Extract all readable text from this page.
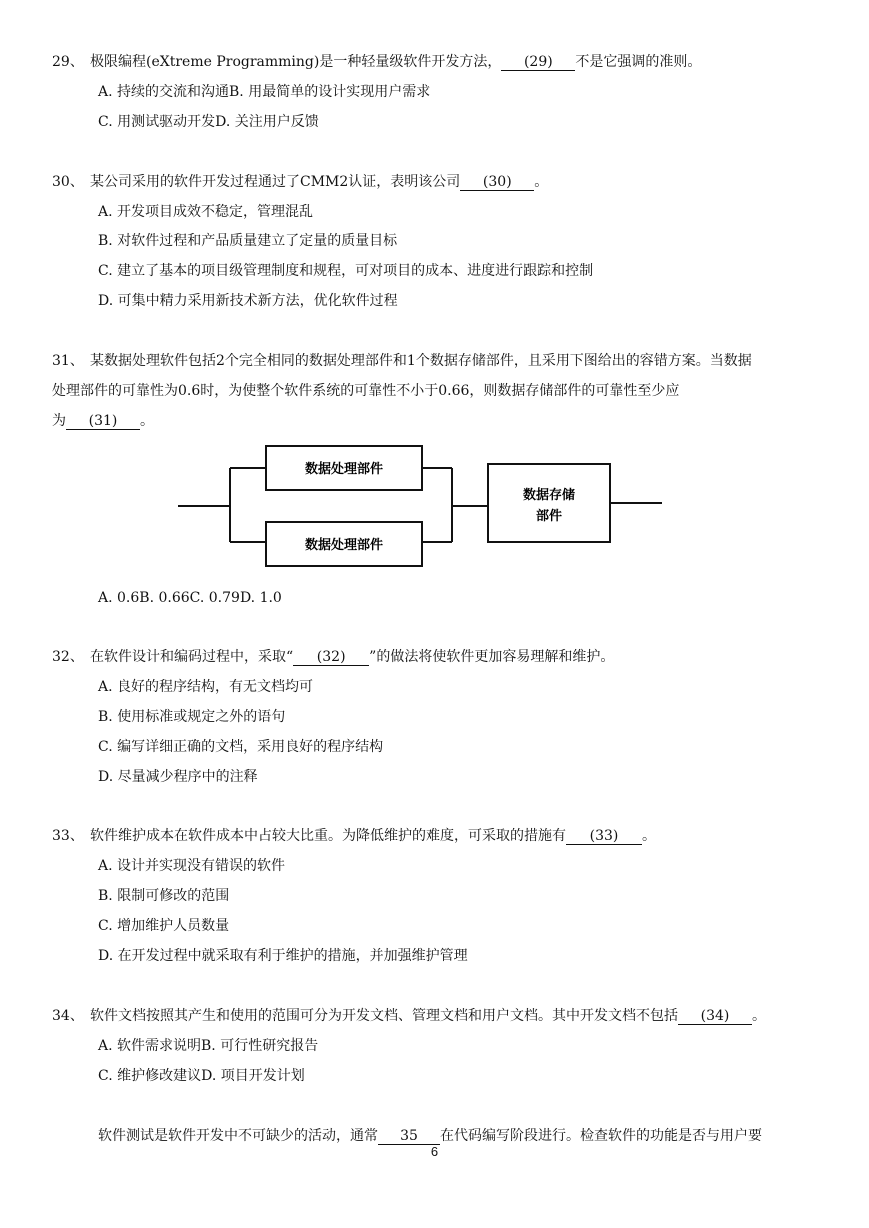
29、 极限编程(eXtreme Programming)是一种轻量级软件开发方法， (29) 不是它强调的准则。
A. 持续的交流和沟通B. 用最简单的设计实现用户需求
C. 用测试驱动开发D. 关注用户反馈
30、 某公司采用的软件开发过程通过了CMM2认证，表明该公司 (30) 。
A. 开发项目成效不稳定，管理混乱
B. 对软件过程和产品质量建立了定量的质量目标
C. 建立了基本的项目级管理制度和规程，可对项目的成本、进度进行跟踪和控制
D. 可集中精力采用新技术新方法，优化软件过程
31、 某数据处理软件包括2个完全相同的数据处理部件和1个数据存储部件，且采用下图给出的容错方案。当数据
处理部件的可靠性为0.6时，为使整个软件系统的可靠性不小于0.66，则数据存储部件的可靠性至少应
为 (31) 。
数据处理部件
数据处理部件
数据存储
部件
A. 0.6B. 0.66C. 0.79D. 1.0
32、 在软件设计和编码过程中，采取“ (32) ”的做法将使软件更加容易理解和维护。
A. 良好的程序结构，有无文档均可
B. 使用标准或规定之外的语句
C. 编写详细正确的文档，采用良好的程序结构
D. 尽量减少程序中的注释
33、 软件维护成本在软件成本中占较大比重。为降低维护的难度，可采取的措施有 (33) 。
A. 设计并实现没有错误的软件
B. 限制可修改的范围
C. 增加维护人员数量
D. 在开发过程中就采取有利于维护的措施，并加强维护管理
34、 软件文档按照其产生和使用的范围可分为开发文档、管理文档和用户文档。其中开发文档不包括 (34) 。
A. 软件需求说明B. 可行性研究报告
C. 维护修改建议D. 项目开发计划
软件测试是软件开发中不可缺少的活动，通常 35 在代码编写阶段进行。检查软件的功能是否与用户要
6
